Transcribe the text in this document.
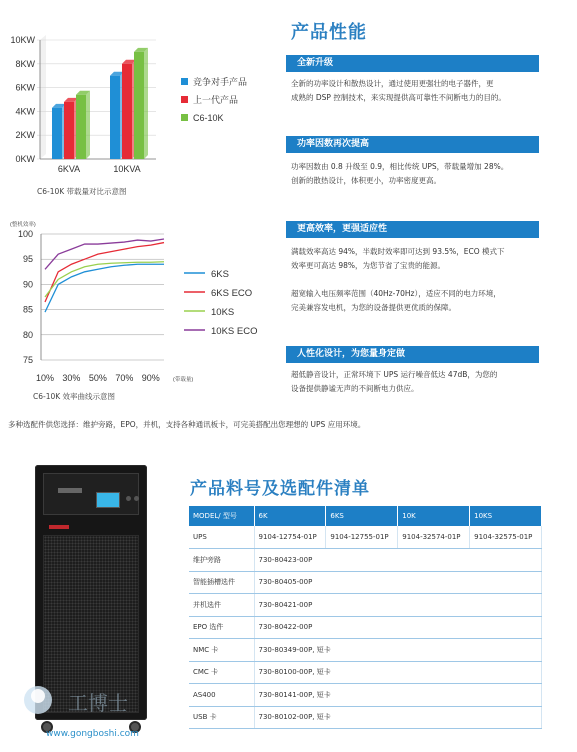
0KW
2KW
4KW
6KW
8KW
10KW
6KVA	10KVA
竞争对手产品
上一代产品
C6-10K
C6-10K 带载量对比示意图
(整机效率)
75
80
85
90
95
100
10% 30% 50% 70% 90% (带载量)
6KS
6KS ECO
10KS
10KS ECO
C6-10K 效率曲线示意图
产品性能
全新升级
全新的功率设计和散热设计，通过使用更强壮的电子器件，更
成熟的 DSP 控制技术，来实现提供高可靠性不间断电力的目的。
功率因数再次提高
功率因数由 0.8 升级至 0.9，相比传统 UPS，带载量增加 28%。
创新的散热设计，体积更小，功率密度更高。
更高效率，更强适应性
满载效率高达 94%，半载时效率即可达到 93.5%，ECO 模式下
效率更可高达 98%，为您节省了宝贵的能源。
超宽输入电压频率范围（40Hz-70Hz），适应不同的电力环境，
完美兼容发电机，为您的设备提供更优质的保障。
人性化设计，为您量身定做
超低静音设计，正常环境下 UPS 运行噪音低达 47dB，为您的
设备提供静谧无声的不间断电力供应。
多种选配件供您选择：维护旁路，EPO，并机，支持各种通讯板卡，可完美搭配出您理想的 UPS 应用环境。
产品料号及选配件清单
MODEL/ 型号	6K	6KS	10K	10KS
UPS	9104-12754-01P	9104-12755-01P	9104-32574-01P	9104-32575-01P
维护旁路	730-80423-00P			
智能插槽选件	730-80405-00P			
并机选件	730-80421-00P			
EPO 选件	730-80422-00P			
NMC 卡	730-80349-00P, 短卡			
CMC 卡	730-80100-00P, 短卡			
AS400	730-80141-00P, 短卡			
USB 卡	730-80102-00P, 短卡			
工博士
www.gongboshi.com
